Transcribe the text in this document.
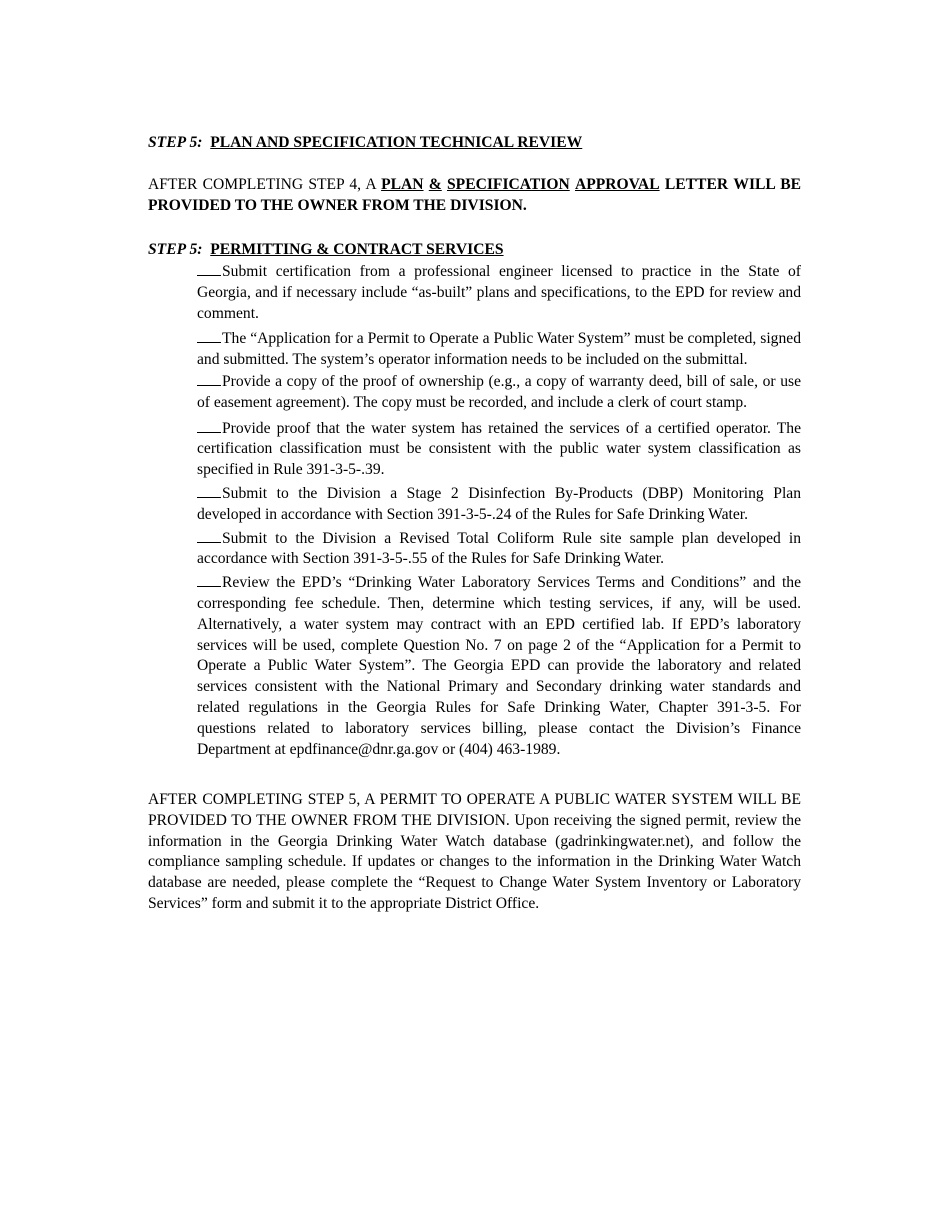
STEP 5: PLAN AND SPECIFICATION TECHNICAL REVIEW
AFTER COMPLETING STEP 4, A PLAN & SPECIFICATION APPROVAL LETTER WILL BE PROVIDED TO THE OWNER FROM THE DIVISION.
STEP 5: PERMITTING & CONTRACT SERVICES
Submit certification from a professional engineer licensed to practice in the State of Georgia, and if necessary include “as-built” plans and specifications, to the EPD for review and comment.
The “Application for a Permit to Operate a Public Water System” must be completed, signed and submitted. The system’s operator information needs to be included on the submittal.
Provide a copy of the proof of ownership (e.g., a copy of warranty deed, bill of sale, or use of easement agreement). The copy must be recorded, and include a clerk of court stamp.
Provide proof that the water system has retained the services of a certified operator. The certification classification must be consistent with the public water system classification as specified in Rule 391-3-5-.39.
Submit to the Division a Stage 2 Disinfection By-Products (DBP) Monitoring Plan developed in accordance with Section 391-3-5-.24 of the Rules for Safe Drinking Water.
Submit to the Division a Revised Total Coliform Rule site sample plan developed in accordance with Section 391-3-5-.55 of the Rules for Safe Drinking Water.
Review the EPD’s “Drinking Water Laboratory Services Terms and Conditions” and the corresponding fee schedule. Then, determine which testing services, if any, will be used. Alternatively, a water system may contract with an EPD certified lab. If EPD’s laboratory services will be used, complete Question No. 7 on page 2 of the “Application for a Permit to Operate a Public Water System”. The Georgia EPD can provide the laboratory and related services consistent with the National Primary and Secondary drinking water standards and related regulations in the Georgia Rules for Safe Drinking Water, Chapter 391-3-5. For questions related to laboratory services billing, please contact the Division’s Finance Department at epdfinance@dnr.ga.gov or (404) 463-1989.
AFTER COMPLETING STEP 5, A PERMIT TO OPERATE A PUBLIC WATER SYSTEM WILL BE PROVIDED TO THE OWNER FROM THE DIVISION. Upon receiving the signed permit, review the information in the Georgia Drinking Water Watch database (gadrinkingwater.net), and follow the compliance sampling schedule. If updates or changes to the information in the Drinking Water Watch database are needed, please complete the “Request to Change Water System Inventory or Laboratory Services” form and submit it to the appropriate District Office.
